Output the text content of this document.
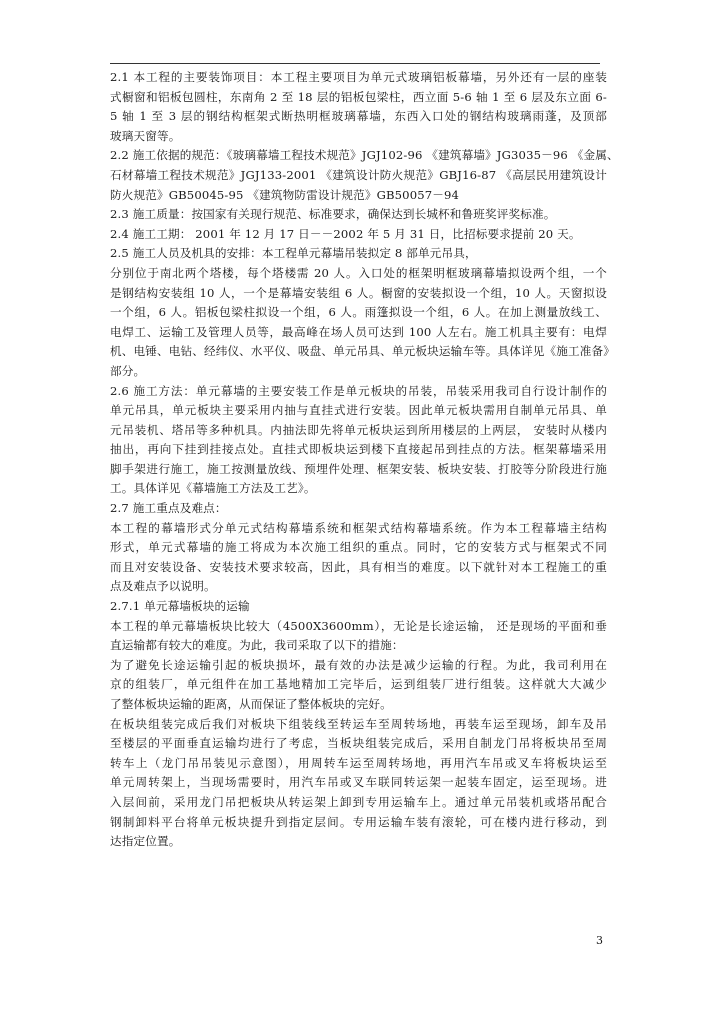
2.1 本工程的主要装饰项目：本工程主要项目为单元式玻璃铝板幕墙，另外还有一层的座装
式橱窗和铝板包圆柱，东南角 2 至 18 层的铝板包梁柱，西立面 5-6 轴 1 至 6 层及东立面 6-
5 轴 1 至 3 层的钢结构框架式断热明框玻璃幕墙，东西入口处的钢结构玻璃雨蓬，及顶部
玻璃天窗等。
2.2 施工依据的规范：《玻璃幕墙工程技术规范》JGJ102-96 《建筑幕墙》JG3035－96 《金属、
石材幕墙工程技术规范》JGJ133-2001 《建筑设计防火规范》GBJ16-87 《高层民用建筑设计
防火规范》GB50045-95 《建筑物防雷设计规范》GB50057－94
2.3 施工质量：按国家有关现行规范、标准要求，确保达到长城杯和鲁班奖评奖标准。
2.4 施工工期： 2001 年 12 月 17 日－－2002 年 5 月 31 日，比招标要求提前 20 天。
2.5 施工人员及机具的安排：本工程单元幕墙吊装拟定 8 部单元吊具，
分别位于南北两个塔楼，每个塔楼需 20 人。入口处的框架明框玻璃幕墙拟设两个组，一个
是钢结构安装组 10 人，一个是幕墙安装组 6 人。橱窗的安装拟设一个组，10 人。天窗拟设
一个组，6 人。铝板包梁柱拟设一个组，6 人。雨篷拟设一个组，6 人。在加上测量放线工、
电焊工、运输工及管理人员等，最高峰在场人员可达到 100 人左右。施工机具主要有：电焊
机、电锤、电钻、经纬仪、水平仪、吸盘、单元吊具、单元板块运输车等。具体详见《施工准备》
部分。
2.6 施工方法：单元幕墙的主要安装工作是单元板块的吊装，吊装采用我司自行设计制作的
单元吊具，单元板块主要采用内抽与直挂式进行安装。因此单元板块需用自制单元吊具、单
元吊装机、塔吊等多种机具。内抽法即先将单元板块运到所用楼层的上两层， 安装时从楼内
抽出，再向下挂到挂接点处。直挂式即板块运到楼下直接起吊到挂点的方法。框架幕墙采用
脚手架进行施工，施工按测量放线、预埋件处理、框架安装、板块安装、打胶等分阶段进行施
工。具体详见《幕墙施工方法及工艺》。
2.7 施工重点及难点：
本工程的幕墙形式分单元式结构幕墙系统和框架式结构幕墙系统。作为本工程幕墙主结构
形式，单元式幕墙的施工将成为本次施工组织的重点。同时，它的安装方式与框架式不同
而且对安装设备、安装技术要求较高，因此，具有相当的难度。以下就针对本工程施工的重
点及难点予以说明。
2.7.1 单元幕墙板块的运输
本工程的单元幕墙板块比较大（4500X3600mm），无论是长途运输， 还是现场的平面和垂
直运输都有较大的难度。为此，我司采取了以下的措施：
为了避免长途运输引起的板块损坏，最有效的办法是减少运输的行程。为此，我司利用在
京的组装厂，单元组件在加工基地精加工完毕后，运到组装厂进行组装。这样就大大减少
了整体板块运输的距离，从而保证了整体板块的完好。
在板块组装完成后我们对板块下组装线至转运车至周转场地，再装车运至现场，卸车及吊
至楼层的平面垂直运输均进行了考虑，当板块组装完成后，采用自制龙门吊将板块吊至周
转车上（龙门吊吊装见示意图），用周转车运至周转场地，再用汽车吊或叉车将板块运至
单元周转架上，当现场需要时，用汽车吊或叉车联同转运架一起装车固定，运至现场。进
入层间前，采用龙门吊把板块从转运架上卸到专用运输车上。通过单元吊装机或塔吊配合
钢制卸料平台将单元板块提升到指定层间。专用运输车装有滚轮，可在楼内进行移动，到
达指定位置。
3
